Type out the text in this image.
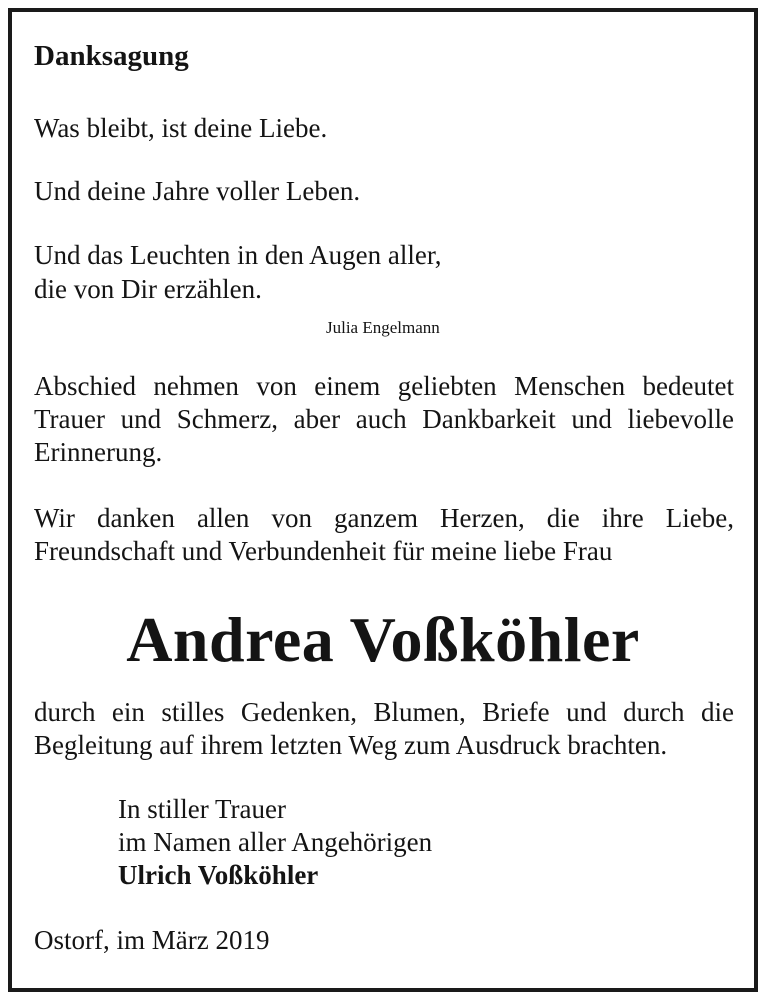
Danksagung
Was bleibt, ist deine Liebe.
Und deine Jahre voller Leben.
Und das Leuchten in den Augen aller,
die von Dir erzählen.
Julia Engelmann
Abschied nehmen von einem geliebten Menschen bedeutet
Trauer und Schmerz, aber auch Dankbarkeit und liebevolle
Erinnerung.
Wir danken allen von ganzem Herzen, die ihre Liebe,
Freundschaft und Verbundenheit für meine liebe Frau
Andrea Voßköhler
durch ein stilles Gedenken, Blumen, Briefe und durch die
Begleitung auf ihrem letzten Weg zum Ausdruck brachten.
In stiller Trauer
im Namen aller Angehörigen
Ulrich Voßköhler
Ostorf, im März 2019
